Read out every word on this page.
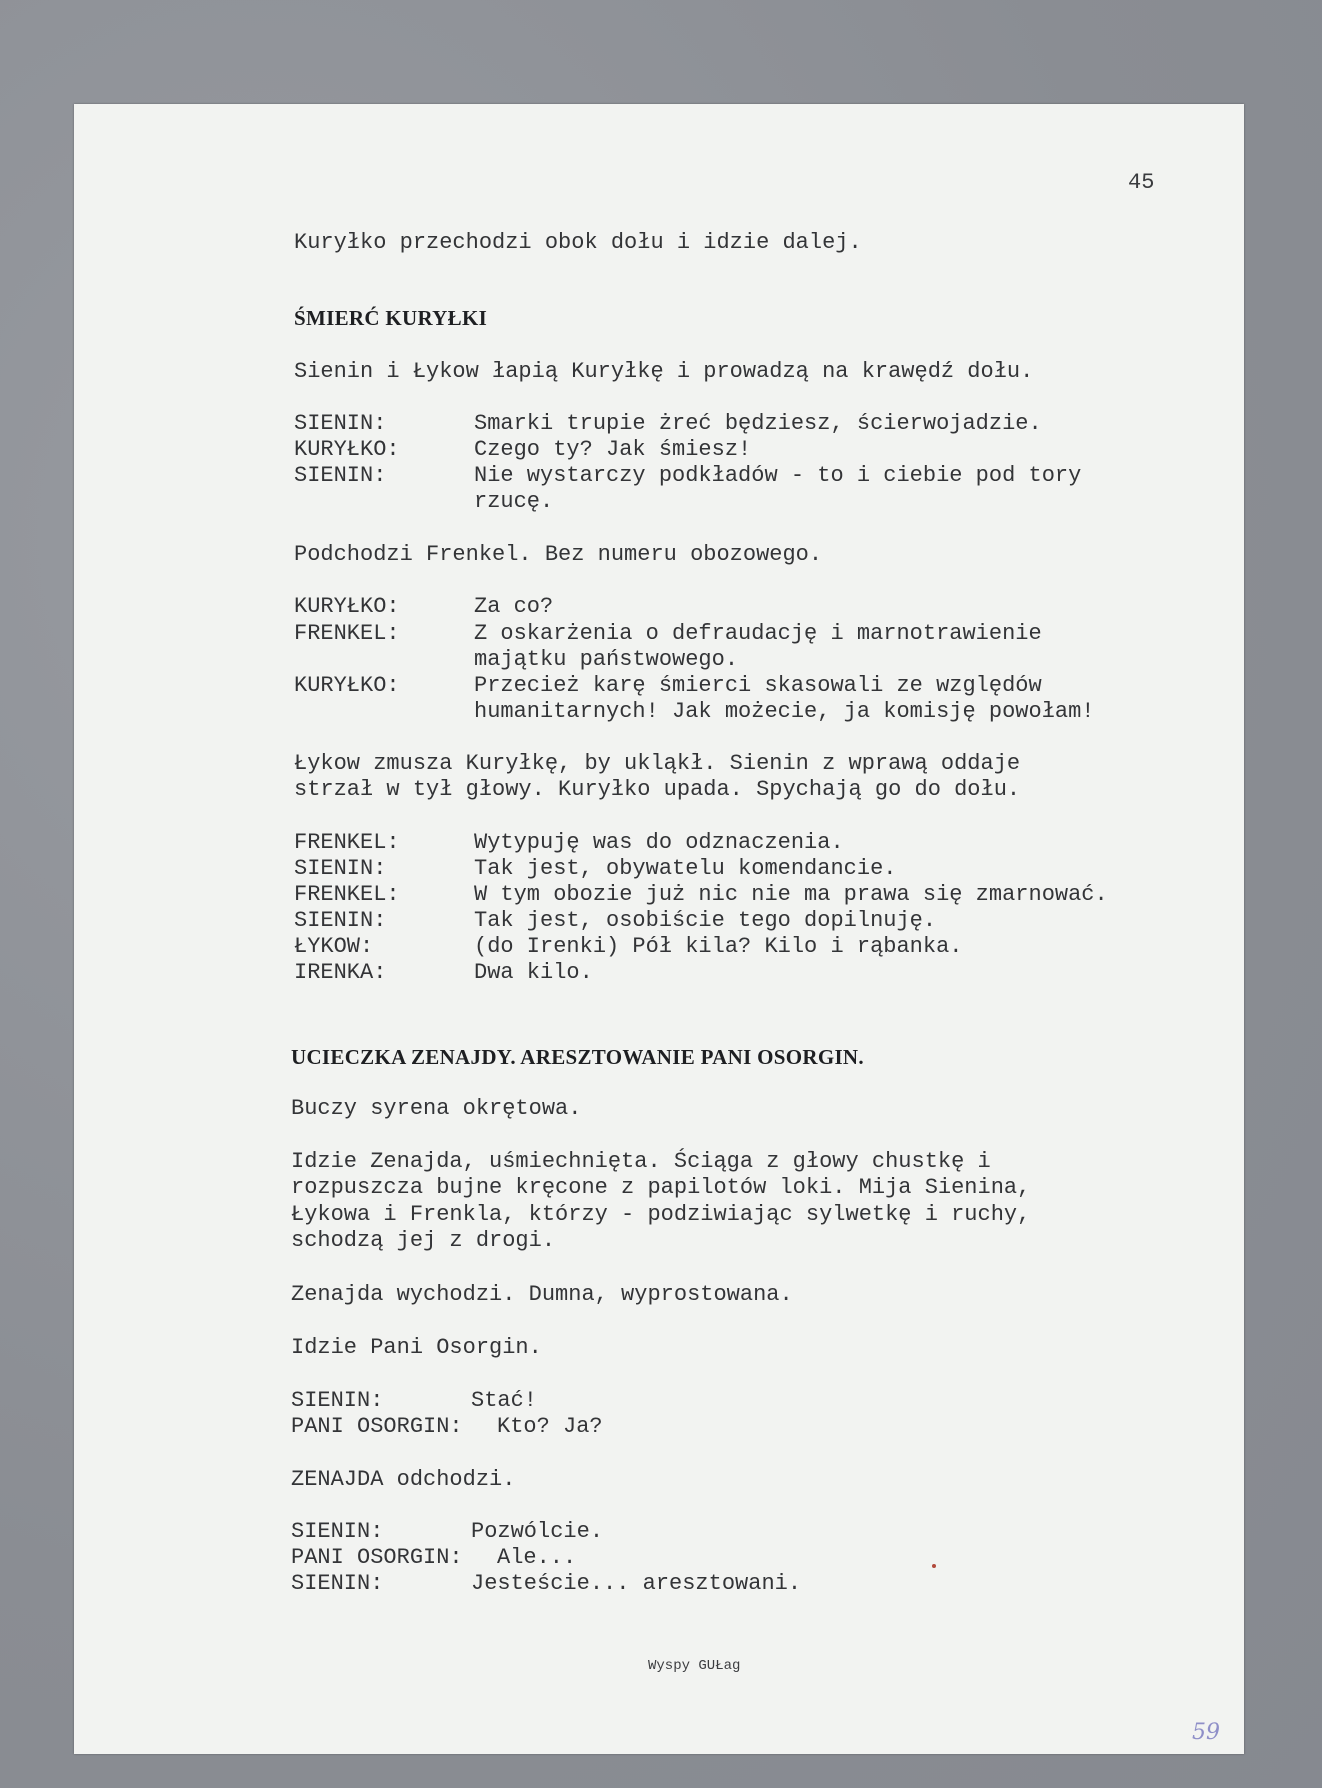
45
Kuryłko przechodzi obok dołu i idzie dalej.
ŚMIERĆ KURYŁKI
Sienin i Łykow łapią Kuryłkę i prowadzą na krawędź dołu.
SIENIN:	Smarki trupie żreć będziesz, ścierwojadzie.
KURYŁKO:	Czego ty? Jak śmiesz!
SIENIN:	Nie wystarczy podkładów - to i ciebie pod tory
rzucę.
Podchodzi Frenkel. Bez numeru obozowego.
KURYŁKO:	Za co?
FRENKEL:	Z oskarżenia o defraudację i marnotrawienie
majątku państwowego.
KURYŁKO:	Przecież karę śmierci skasowali ze względów
humanitarnych! Jak możecie, ja komisję powołam!
Łykow zmusza Kuryłkę, by ukląkł. Sienin z wprawą oddaje
strzał w tył głowy. Kuryłko upada. Spychają go do dołu.
FRENKEL:	Wytypuję was do odznaczenia.
SIENIN:	Tak jest, obywatelu komendancie.
FRENKEL:	W tym obozie już nic nie ma prawa się zmarnować.
SIENIN:	Tak jest, osobiście tego dopilnuję.
ŁYKOW:	(do Irenki) Pół kila? Kilo i rąbanka.
IRENKA:	Dwa kilo.
UCIECZKA ZENAJDY. ARESZTOWANIE PANI OSORGIN.
Buczy syrena okrętowa.
Idzie Zenajda, uśmiechnięta. Ściąga z głowy chustkę i
rozpuszcza bujne kręcone z papilotów loki. Mija Sienina,
Łykowa i Frenkla, którzy - podziwiając sylwetkę i ruchy,
schodzą jej z drogi.
Zenajda wychodzi. Dumna, wyprostowana.
Idzie Pani Osorgin.
SIENIN:	Stać!
PANI OSORGIN: Kto? Ja?
ZENAJDA odchodzi.
SIENIN:	Pozwólcie.
PANI OSORGIN: Ale...
SIENIN:	Jesteście... aresztowani.
Wyspy GUŁag
59
